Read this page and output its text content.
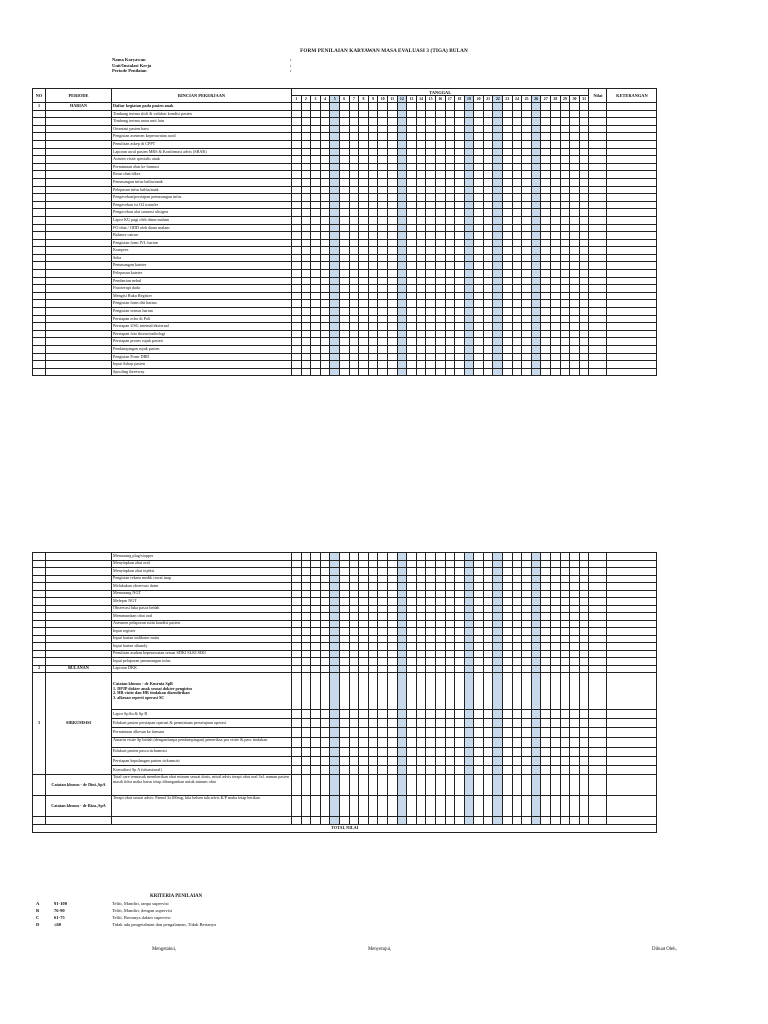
FORM PENILAIAN KARYAWAN MASA EVALUASI 3 (TIGA) BULAN
Nama Karyawan	:
Unit/Instalasi Kerja	:
Periode Penilaian	:
NO	PERIODE	RINCIAN PEKERJAAN	TANGGAL																															Nilai	KETERANGAN
			1	2	3	4	5	6	7	8	9	10	11	12	13	14	15	16	17	18	19	20	21	22	23	24	25	26	27	28	29	30	31		
1	HARIAN	Daftar kegiatan pada pasien anak																																	
		Timbang terima shift & validasi kondisi pasien																																	
		Timbang terima antar unit lain																																	
		Orientasi pasien baru																																	
		Pengisian asesmen keperawatan awal																																	
		Penulisan askep di CPPT																																	
		Laporan awal pasien MRS & Konfirmasi advis (SBAR)																																	
		Asisten visite spesialis anak																																	
		Permintaan obat ke farmasi																																	
		Retur obat/alkes																																	
		Pemasangan infus balita/anak																																	
		Pelepasan infus balita/anak																																	
		Pengecekan/persiapan pemasangan infus																																	
		Pengecekan isi O2 transfer																																	
		Pengecekan alat saturasi oksigen																																	
		Lapor KU pagi oleh dinas malam																																	
		FO obat / ODD oleh dinas malam																																	
		Balance cairan																																	
		Pengisian form IVL harian																																	
		Kompres																																	
		Seka																																	
		Pemasangan kateter																																	
		Pelepasan kateter																																	
		Pemberian nebul																																	
		Fisioterapi dada																																	
		Mengisi Buku Register																																	
		Pengisian form diit harian																																	
		Pengisian sensus harian																																	
		Persiapan echo di Poli																																	
		Persiapan USG internal/eksternal																																	
		Persiapan foto thorax/radiologi																																	
		Persiapan proses rujuk pasien																																	
		Pendampingan rujuk pasien																																	
		Pengisian Form DBD																																	
		Input Askep pasien																																	
		Spooling threeway																																	
		Memasang plug/stopper																																	
		Menyiapkan obat oral																																	
		Menyiapkan obat injeksi																																	
		Pengisian rekam medik rawat inap																																	
		Melakukan observasi drain																																	
		Memasang NGT																																	
		Melepas NGT																																	
		Observasi luka pasca bedah																																	
		Meminumkan obat oral																																	
		Asesmen pelaporan rutin kondisi pasien																																	
		Input register																																	
		Input harian indikator mutu																																	
		Input harian sihandy																																	
		Penulisan asuhan keperawatan sesuai SDKI SLKI SIKI																																	
		Input pelaporan pemasangan infus																																	
2	BULANAN	Laporan DKK																																	
3	SIRKUMSISI	Catatan khusus - dr Kusrnia SpB
1. DPJP dokter anak sesuai dokter pengirim
2. HR visite dan HR tindakan disendirikan
3. alkesan seperti operasi SC																																	

		Lapor SpAn & Sp B																																	
		Edukasi pasien persiapan operasi & permintaan persetujuan operasi																																	
		Permintaan alkesan ke farmasi																																	
		Antarin visite Sp bedah (dengan/tanpa pendampingan) pemeriksa pra visite & pasc tindakan																																	
		Edukasi pasien pasca sirkumsisi																																	
		Persiapan kepulangan pasien sirkumsisi																																	
		Konsultasi Sp A (situasional)																																	
	Catatan khusus - dr Dini.,SpA	Total care termasuk memberikan obat minum sesuai dosis, misal advis terapi obat oral 3x1 namun pasien masih tidur maka harus tetap dibangunkan untuk minum obat																																	
	Catatan khusus - dr Riza.,SpA	Terapi obat sesuai advis: Pamol 3x100mg, bila belum ada advis K/P maka tetap berikan																																	

TOTAL NILAI																																			
KRITERIA PENILAIAN
A	91-100	Teliti, Mandiri, tanpa supervisi
B	76-90	Teliti, Mandiri, dengan supervisi
C	61-75	Teliti, Bertanya dalam supervisi
D	≤60	Tidak ada pengetahuan dan pengalaman, Tidak Bertanya
Mengetahui,	Menyetujui,	Dibuat Oleh,
